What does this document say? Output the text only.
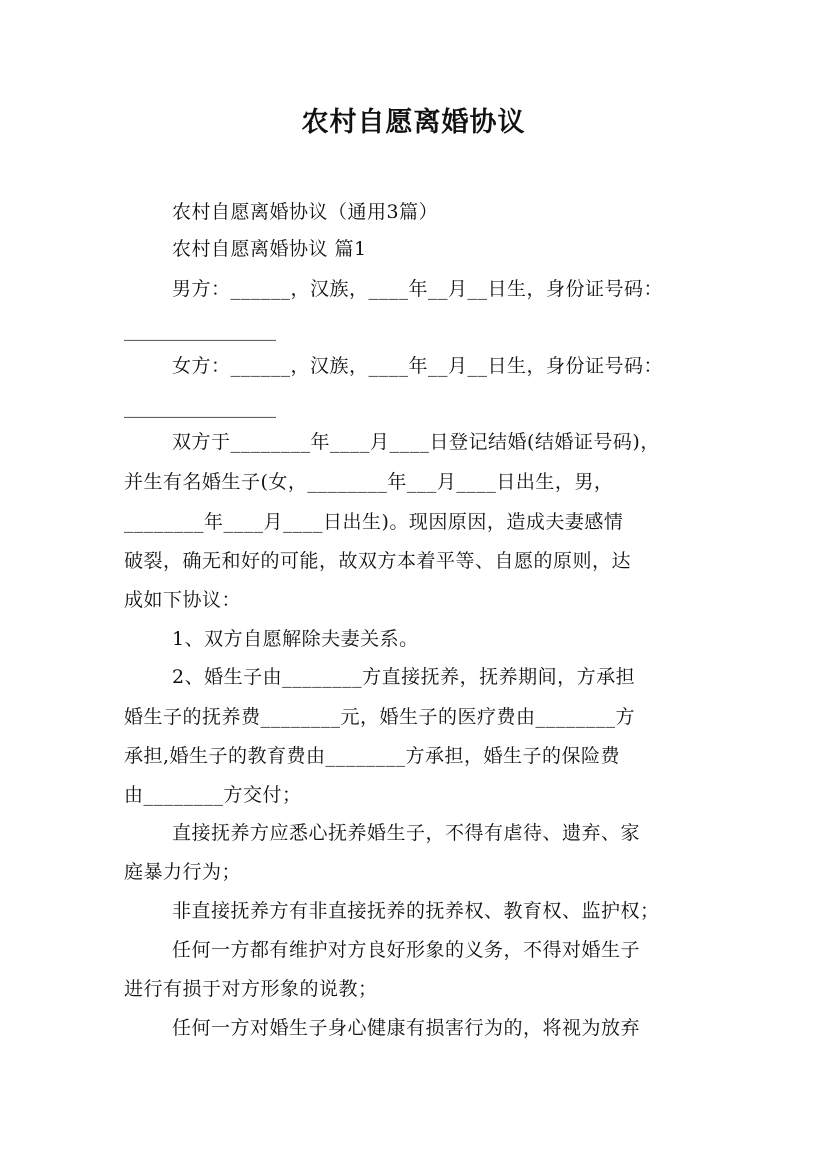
农村自愿离婚协议
农村自愿离婚协议（通用3篇）
农村自愿离婚协议 篇1
男方：______，汉族，____年__月__日生，身份证号码：
________________
女方：______，汉族，____年__月__日生，身份证号码：
________________
双方于________年____月____日登记结婚(结婚证号码)，
并生有名婚生子(女，________年___月____日出生，男，
________年____月____日出生)。现因原因，造成夫妻感情
破裂，确无和好的可能，故双方本着平等、自愿的原则，达
成如下协议：
1、双方自愿解除夫妻关系。
2、婚生子由________方直接抚养，抚养期间，方承担
婚生子的抚养费________元，婚生子的医疗费由________方
承担,婚生子的教育费由________方承担，婚生子的保险费
由________方交付；
直接抚养方应悉心抚养婚生子，不得有虐待、遗弃、家
庭暴力行为；
非直接抚养方有非直接抚养的抚养权、教育权、监护权；
任何一方都有维护对方良好形象的义务，不得对婚生子
进行有损于对方形象的说教；
任何一方对婚生子身心健康有损害行为的，将视为放弃
